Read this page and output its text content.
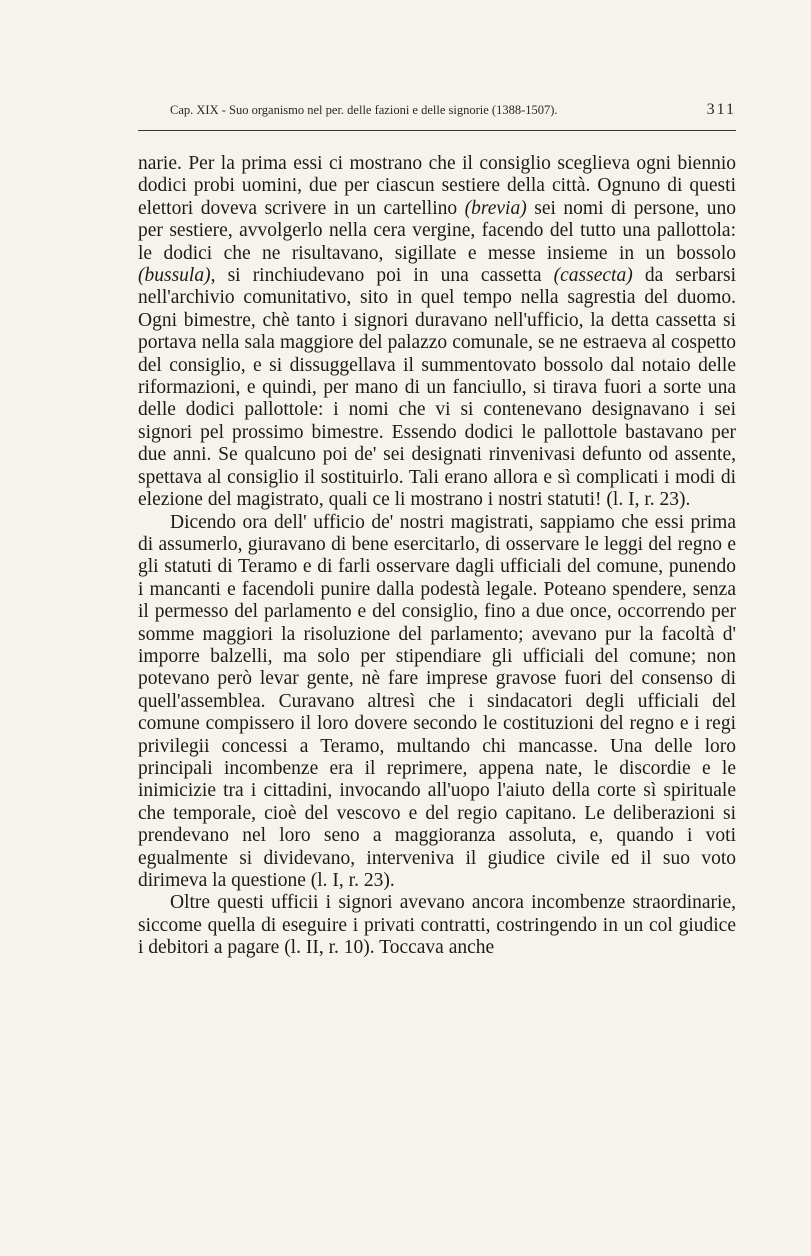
Cap. XIX - Suo organismo nel per. delle fazioni e delle signorie (1388-1507).	311

narie. Per la prima essi ci mostrano che il consiglio sceglieva ogni biennio dodici probi uomini, due per ciascun sestiere della città. Ognuno di questi elettori doveva scrivere in un cartellino (brevia) sei nomi di persone, uno per sestiere, avvolgerlo nella cera vergine, facendo del tutto una pallottola: le dodici che ne risultavano, sigillate e messe insieme in un bossolo (bussula), si rinchiudevano poi in una cassetta (cassecta) da serbarsi nell'archivio comunitativo, sito in quel tempo nella sagrestia del duomo. Ogni bimestre, chè tanto i signori duravano nell'ufficio, la detta cassetta si portava nella sala maggiore del palazzo comunale, se ne estraeva al cospetto del consiglio, e si dissuggellava il summentovato bossolo dal notaio delle riformazioni, e quindi, per mano di un fanciullo, si tirava fuori a sorte una delle dodici pallottole: i nomi che vi si contenevano designavano i sei signori pel prossimo bimestre. Essendo dodici le pallottole bastavano per due anni. Se qualcuno poi de' sei designati rinvenivasi defunto od assente, spettava al consiglio il sostituirlo. Tali erano allora e sì complicati i modi di elezione del magistrato, quali ce li mostrano i nostri statuti! (l. I, r. 23).

Dicendo ora dell' ufficio de' nostri magistrati, sappiamo che essi prima di assumerlo, giuravano di bene esercitarlo, di osservare le leggi del regno e gli statuti di Teramo e di farli osservare dagli ufficiali del comune, punendo i mancanti e facendoli punire dalla podestà legale. Poteano spendere, senza il permesso del parlamento e del consiglio, fino a due once, occorrendo per somme maggiori la risoluzione del parlamento; avevano pur la facoltà d' imporre balzelli, ma solo per stipendiare gli ufficiali del comune; non potevano però levar gente, nè fare imprese gravose fuori del consenso di quell'assemblea. Curavano altresì che i sindacatori degli ufficiali del comune compissero il loro dovere secondo le costituzioni del regno e i regi privilegii concessi a Teramo, multando chi mancasse. Una delle loro principali incombenze era il reprimere, appena nate, le discordie e le inimicizie tra i cittadini, invocando all'uopo l'aiuto della corte sì spirituale che temporale, cioè del vescovo e del regio capitano. Le deliberazioni si prendevano nel loro seno a maggioranza assoluta, e, quando i voti egualmente si dividevano, interveniva il giudice civile ed il suo voto dirimeva la questione (l. I, r. 23).

Oltre questi ufficii i signori avevano ancora incombenze straordinarie, siccome quella di eseguire i privati contratti, costringendo in un col giudice i debitori a pagare (l. II, r. 10). Toccava anche
